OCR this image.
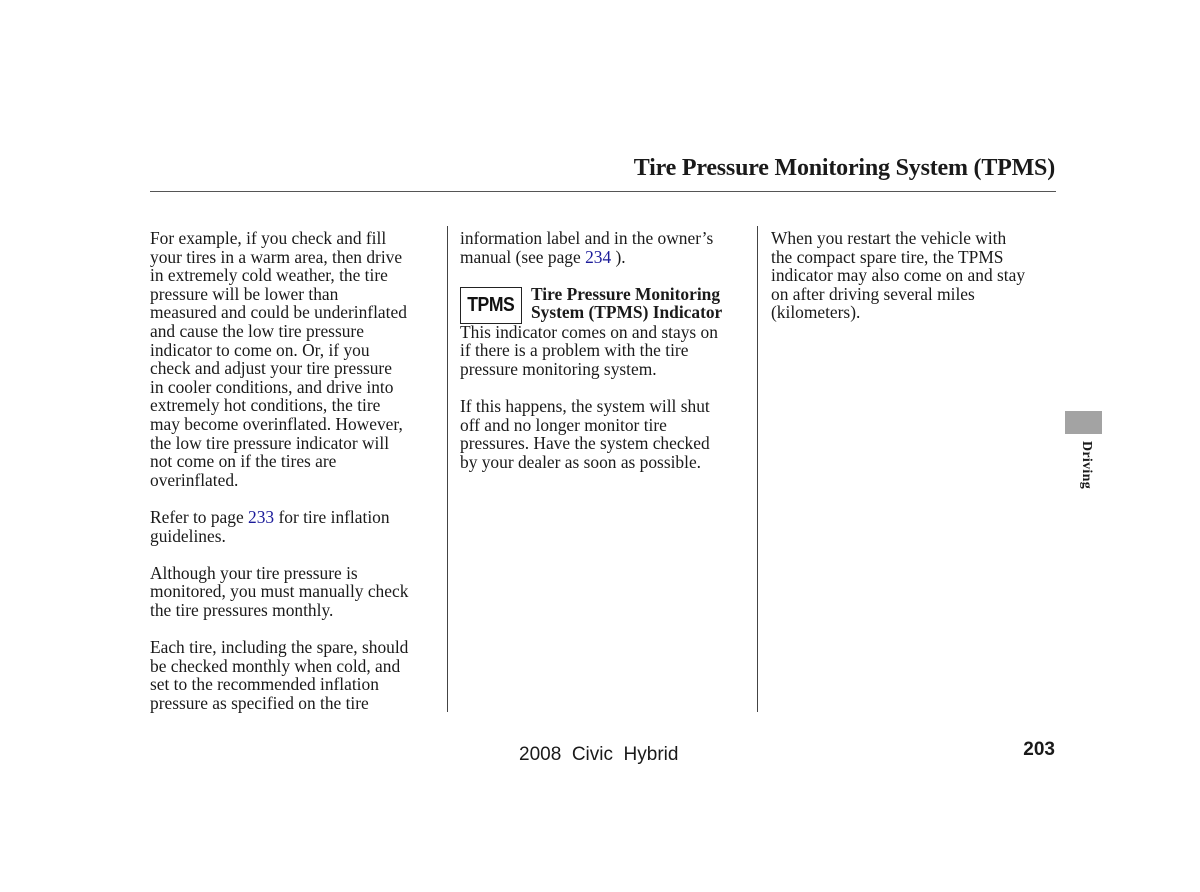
Tire Pressure Monitoring System (TPMS)

For example, if you check and fill
your tires in a warm area, then drive
in extremely cold weather, the tire
pressure will be lower than
measured and could be underinflated
and cause the low tire pressure
indicator to come on. Or, if you
check and adjust your tire pressure
in cooler conditions, and drive into
extremely hot conditions, the tire
may become overinflated. However,
the low tire pressure indicator will
not come on if the tires are
overinflated.

Refer to page 233 for tire inflation
guidelines.

Although your tire pressure is
monitored, you must manually check
the tire pressures monthly.

Each tire, including the spare, should
be checked monthly when cold, and
set to the recommended inflation
pressure as specified on the tire

information label and in the owner’s
manual (see page 234 ).

TPMS
Tire Pressure Monitoring
System (TPMS) Indicator

This indicator comes on and stays on
if there is a problem with the tire
pressure monitoring system.

If this happens, the system will shut
off and no longer monitor tire
pressures. Have the system checked
by your dealer as soon as possible.

When you restart the vehicle with
the compact spare tire, the TPMS
indicator may also come on and stay
on after driving several miles
(kilometers).

Driving
2008  Civic  Hybrid	203
